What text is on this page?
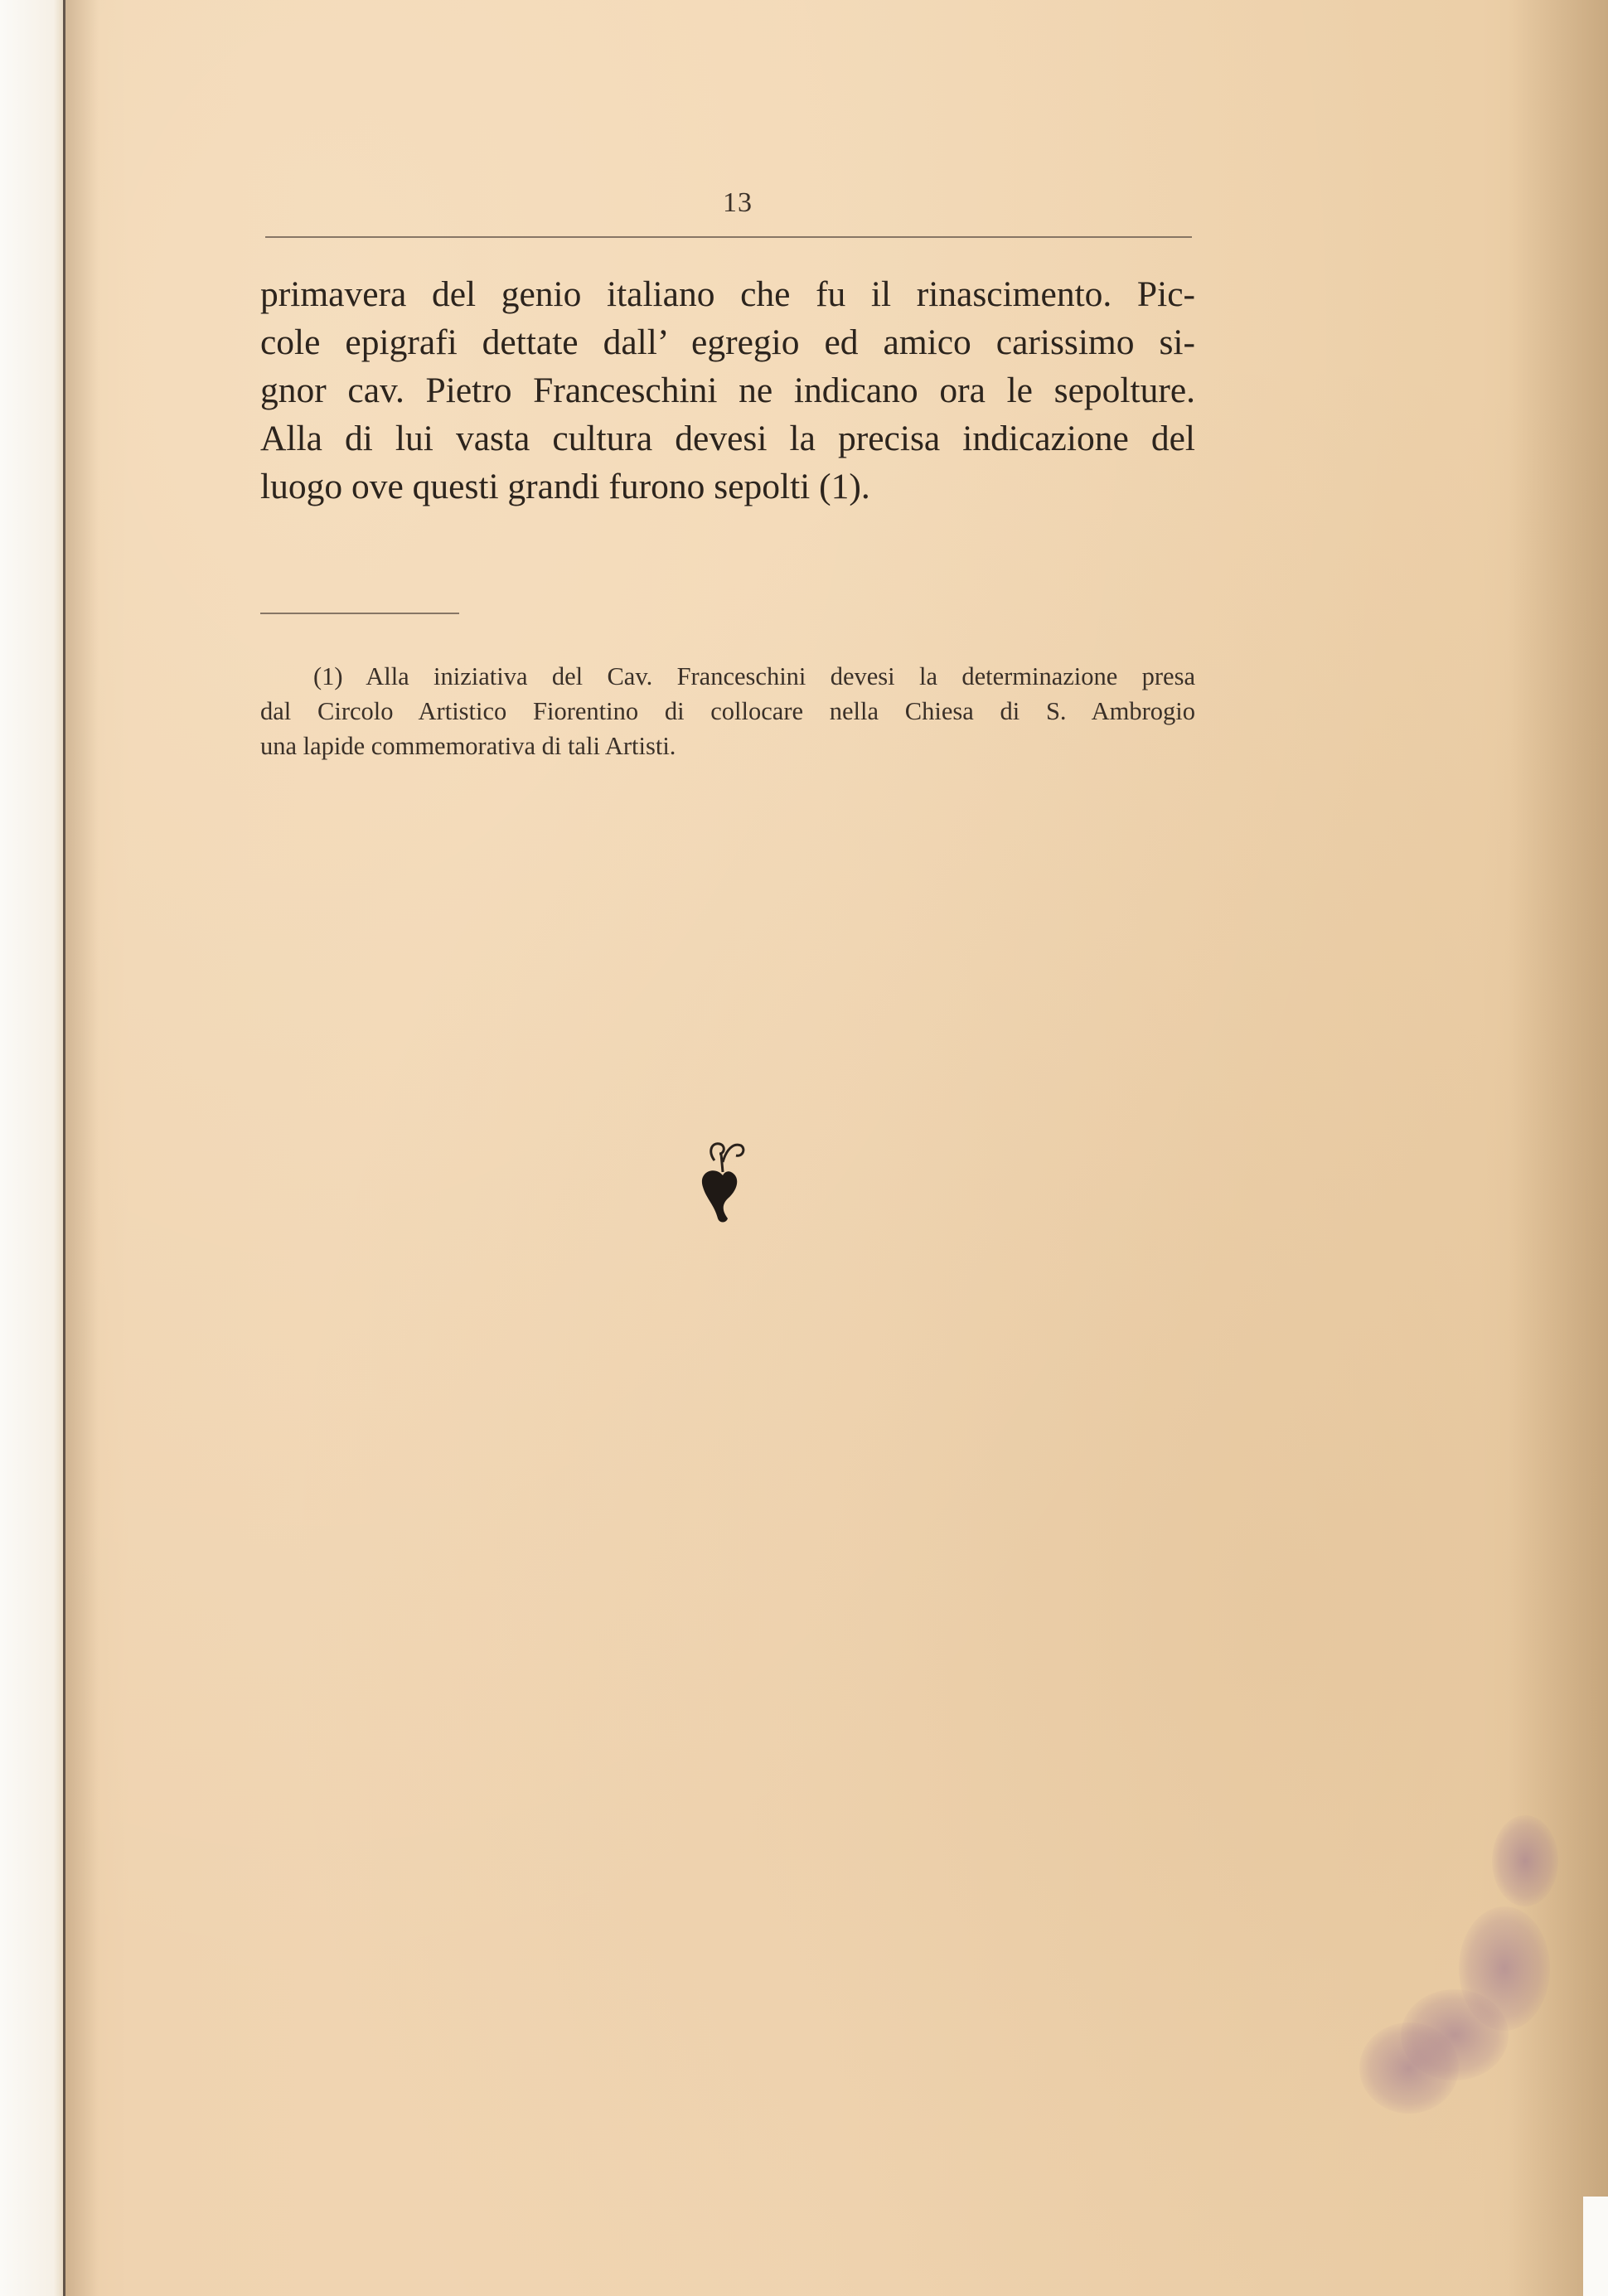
13

primavera del genio italiano che fu il rinascimento. Pic-
cole epigrafi dettate dall’ egregio ed amico carissimo si-
gnor cav. Pietro Franceschini ne indicano ora le sepolture.
Alla di lui vasta cultura devesi la precisa indicazione del
luogo ove questi grandi furono sepolti (1).

(1) Alla iniziativa del Cav. Franceschini devesi la determinazione presa
dal Circolo Artistico Fiorentino di collocare nella Chiesa di S. Ambrogio
una lapide commemorativa di tali Artisti.
